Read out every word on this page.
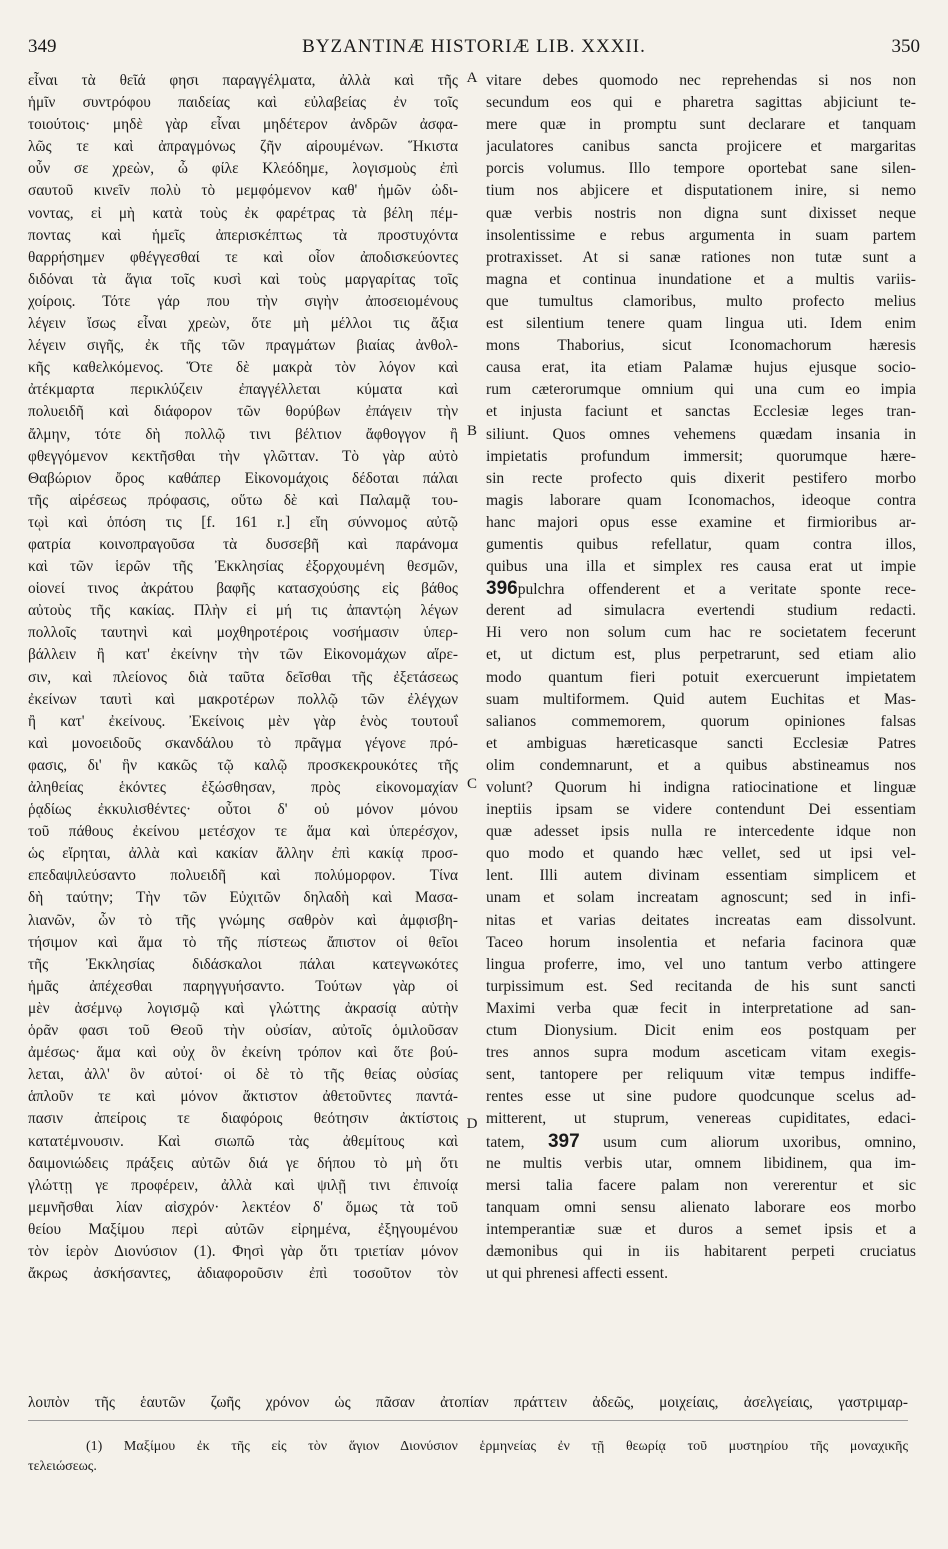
349	BYZANTINÆ HISTORIÆ LIB. XXXII.	350
εἶναι τὰ θεῖά φησι παραγγέλματα, ἀλλὰ καὶ τῆς
ἡμῖν συντρόφου παιδείας καὶ εὐλαβείας ἐν τοῖς
τοιούτοις· μηδὲ γὰρ εἶναι μηδέτερον ἀνδρῶν ἀσφα-
λῶς τε καὶ ἀπραγμόνως ζῆν αἱρουμένων. Ἥκιστα
οὖν σε χρεὼν, ὦ φίλε Κλεόδημε, λογισμοὺς ἐπὶ
σαυτοῦ κινεῖν πολὺ τὸ μεμφόμενον καθ' ἡμῶν ὠδι-
νοντας, εἰ μὴ κατὰ τοὺς ἐκ φαρέτρας τὰ βέλη πέμ-
ποντας καὶ ἡμεῖς ἀπερισκέπτως τὰ προστυχόντα
θαρρήσημεν φθέγγεσθαί τε καὶ οἷον ἀποδισκεύοντες
διδόναι τὰ ἅγια τοῖς κυσὶ καὶ τοὺς μαργαρίτας τοῖς
χοίροις. Τότε γάρ που τὴν σιγὴν ἀποσειομένους
λέγειν ἴσως εἶναι χρεὼν, ὅτε μὴ μέλλοι τις ἄξια
λέγειν σιγῆς, ἐκ τῆς τῶν πραγμάτων βιαίας ἀνθολ-
κῆς καθελκόμενος. Ὅτε δὲ μακρὰ τὸν λόγον καὶ
ἀτέκμαρτα περικλύζειν ἐπαγγέλλεται κύματα καὶ
πολυειδῆ καὶ διάφορον τῶν θορύβων ἐπάγειν τὴν
ἄλμην, τότε δὴ πολλῷ τινι βέλτιον ἄφθογγον ἢ
φθεγγόμενον κεκτῆσθαι τὴν γλῶτταν. Τὸ γὰρ αὐτὸ
Θαβώριον ὄρος καθάπερ Εἰκονομάχοις δέδοται πάλαι
τῆς αἱρέσεως πρόφασις, οὕτω δὲ καὶ Παλαμᾷ του-
τῳὶ καὶ ὁπόση τις [f. 161 r.] εἴη σύννομος αὐτῷ
φατρία κοινοπραγοῦσα τὰ δυσσεβῆ καὶ παράνομα
καὶ τῶν ἱερῶν τῆς Ἐκκλησίας ἐξορχουμένη θεσμῶν,
οἱονεί τινος ἀκράτου βαφῆς κατασχούσης εἰς βάθος
αὐτοὺς τῆς κακίας. Πλὴν εἰ μή τις ἀπαντῴη λέγων
πολλοῖς ταυτηνὶ καὶ μοχθηροτέροις νοσήμασιν ὑπερ-
βάλλειν ἢ κατ' ἐκείνην τὴν τῶν Εἰκονομάχων αἵρε-
σιν, καὶ πλείονος διὰ ταῦτα δεῖσθαι τῆς ἐξετάσεως
ἐκείνων ταυτὶ καὶ μακροτέρων πολλῷ τῶν ἐλέγχων
ἢ κατ' ἐκείνους. Ἐκείνοις μὲν γὰρ ἑνὸς τουτουΐ
καὶ μονοειδοῦς σκανδάλου τὸ πρᾶγμα γέγονε πρό-
φασις, δι' ἣν κακῶς τῷ καλῷ προσκεκρουκότες τῆς
ἀληθείας ἑκόντες ἐξώσθησαν, πρὸς εἰκονομαχίαν
ῥᾳδίως ἐκκυλισθέντες· οὗτοι δ' οὐ μόνον μόνου
τοῦ πάθους ἐκείνου μετέσχον τε ἅμα καὶ ὑπερέσχον,
ὡς εἴρηται, ἀλλὰ καὶ κακίαν ἄλλην ἐπὶ κακίᾳ προσ-
επεδαψιλεύσαντο πολυειδῆ καὶ πολύμορφον. Τίνα
δὴ ταύτην; Τὴν τῶν Εὐχιτῶν δηλαδὴ καὶ Μασα-
λιανῶν, ὧν τὸ τῆς γνώμης σαθρὸν καὶ ἀμφισβη-
τήσιμον καὶ ἅμα τὸ τῆς πίστεως ἄπιστον οἱ θεῖοι
τῆς Ἐκκλησίας διδάσκαλοι πάλαι κατεγνωκότες
ἡμᾶς ἀπέχεσθαι παρηγγυήσαντο. Τούτων γὰρ οἱ
μὲν ἀσέμνῳ λογισμῷ καὶ γλώττης ἀκρασίᾳ αὐτὴν
ὁρᾶν φασι τοῦ Θεοῦ τὴν οὐσίαν, αὐτοῖς ὁμιλοῦσαν
ἀμέσως· ἅμα καὶ οὐχ ὃν ἐκείνη τρόπον καὶ ὅτε βού-
λεται, ἀλλ' ὃν αὐτοί· οἱ δὲ τὸ τῆς θείας οὐσίας
ἁπλοῦν τε καὶ μόνον ἄκτιστον ἀθετοῦντες παντά-
πασιν ἀπείροις τε διαφόροις θεότησιν ἀκτίστοις
κατατέμνουσιν. Καὶ σιωπῶ τὰς ἀθεμίτους καὶ
δαιμονιώδεις πράξεις αὐτῶν διά γε δήπου τὸ μὴ ὅτι
γλώττῃ γε προφέρειν, ἀλλὰ καὶ ψιλῇ τινι ἐπινοίᾳ
μεμνῆσθαι λίαν αἰσχρόν· λεκτέον δ' ὅμως τὰ τοῦ
θείου Μαξίμου περὶ αὐτῶν εἰρημένα, ἐξηγουμένου
τὸν ἱερὸν Διονύσιον (1). Φησὶ γὰρ ὅτι τριετίαν μόνον
ἄκρως ἀσκήσαντες, ἀδιαφοροῦσιν ἐπὶ τοσοῦτον τὸν
A
B
C
D
vitare debes quomodo nec reprehendas si nos non
secundum eos qui e pharetra sagittas abjiciunt te-
mere quæ in promptu sunt declarare et tanquam
jaculatores canibus sancta projicere et margaritas
porcis volumus. Illo tempore oportebat sane silen-
tium nos abjicere et disputationem inire, si nemo
quæ verbis nostris non digna sunt dixisset neque
insolentissime e rebus argumenta in suam partem
protraxisset. At si sanæ rationes non tutæ sunt a
magna et continua inundatione et a multis variis-
que tumultus clamoribus, multo profecto melius
est silentium tenere quam lingua uti. Idem enim
mons Thaborius, sicut Iconomachorum hæresis
causa erat, ita etiam Palamæ hujus ejusque socio-
rum cæterorumque omnium qui una cum eo impia
et injusta faciunt et sanctas Ecclesiæ leges tran-
siliunt. Quos omnes vehemens quædam insania in
impietatis profundum immersit; quorumque hære-
sin recte profecto quis dixerit pestifero morbo
magis laborare quam Iconomachos, ideoque contra
hanc majori opus esse examine et firmioribus ar-
gumentis quibus refellatur, quam contra illos,
quibus una illa et simplex res causa erat ut impie
396pulchra offenderent et a veritate sponte rece-
derent ad simulacra evertendi studium redacti.
Hi vero non solum cum hac re societatem fecerunt
et, ut dictum est, plus perpetrarunt, sed etiam alio
modo quantum fieri potuit exercuerunt impietatem
suam multiformem. Quid autem Euchitas et Mas-
salianos commemorem, quorum opiniones falsas
et ambiguas hæreticasque sancti Ecclesiæ Patres
olim condemnarunt, et a quibus abstineamus nos
volunt? Quorum hi indigna ratiocinatione et linguæ
ineptiis ipsam se videre contendunt Dei essentiam
quæ adesset ipsis nulla re intercedente idque non
quo modo et quando hæc vellet, sed ut ipsi vel-
lent. Illi autem divinam essentiam simplicem et
unam et solam increatam agnoscunt; sed in infi-
nitas et varias deitates increatas eam dissolvunt.
Taceo horum insolentia et nefaria facinora quæ
lingua proferre, imo, vel uno tantum verbo attingere
turpissimum est. Sed recitanda de his sunt sancti
Maximi verba quæ fecit in interpretatione ad san-
ctum Dionysium. Dicit enim eos postquam per
tres annos supra modum asceticam vitam exegis-
sent, tantopere per reliquum vitæ tempus indiffe-
rentes esse ut sine pudore quodcunque scelus ad-
mitterent, ut stuprum, venereas cupiditates, edaci-
tatem, 397 usum cum aliorum uxoribus, omnino,
ne multis verbis utar, omnem libidinem, qua im-
mersi talia facere palam non vererentur et sic
tanquam omni sensu alienato laborare eos morbo
intemperantiæ suæ et duros a semet ipsis et a
dæmonibus qui in iis habitarent perpeti cruciatus
ut qui phrenesi affecti essent.
λοιπὸν τῆς ἑαυτῶν ζωῆς χρόνον ὡς πᾶσαν ἀτοπίαν πράττειν ἀδεῶς, μοιχείαις, ἀσελγείαις, γαστριμαρ-
(1) Μαξίμου ἐκ τῆς εἰς τὸν ἅγιον Διονύσιον ἑρμηνείας ἐν τῇ θεωρίᾳ τοῦ μυστηρίου τῆς μοναχικῆς
τελειώσεως.
